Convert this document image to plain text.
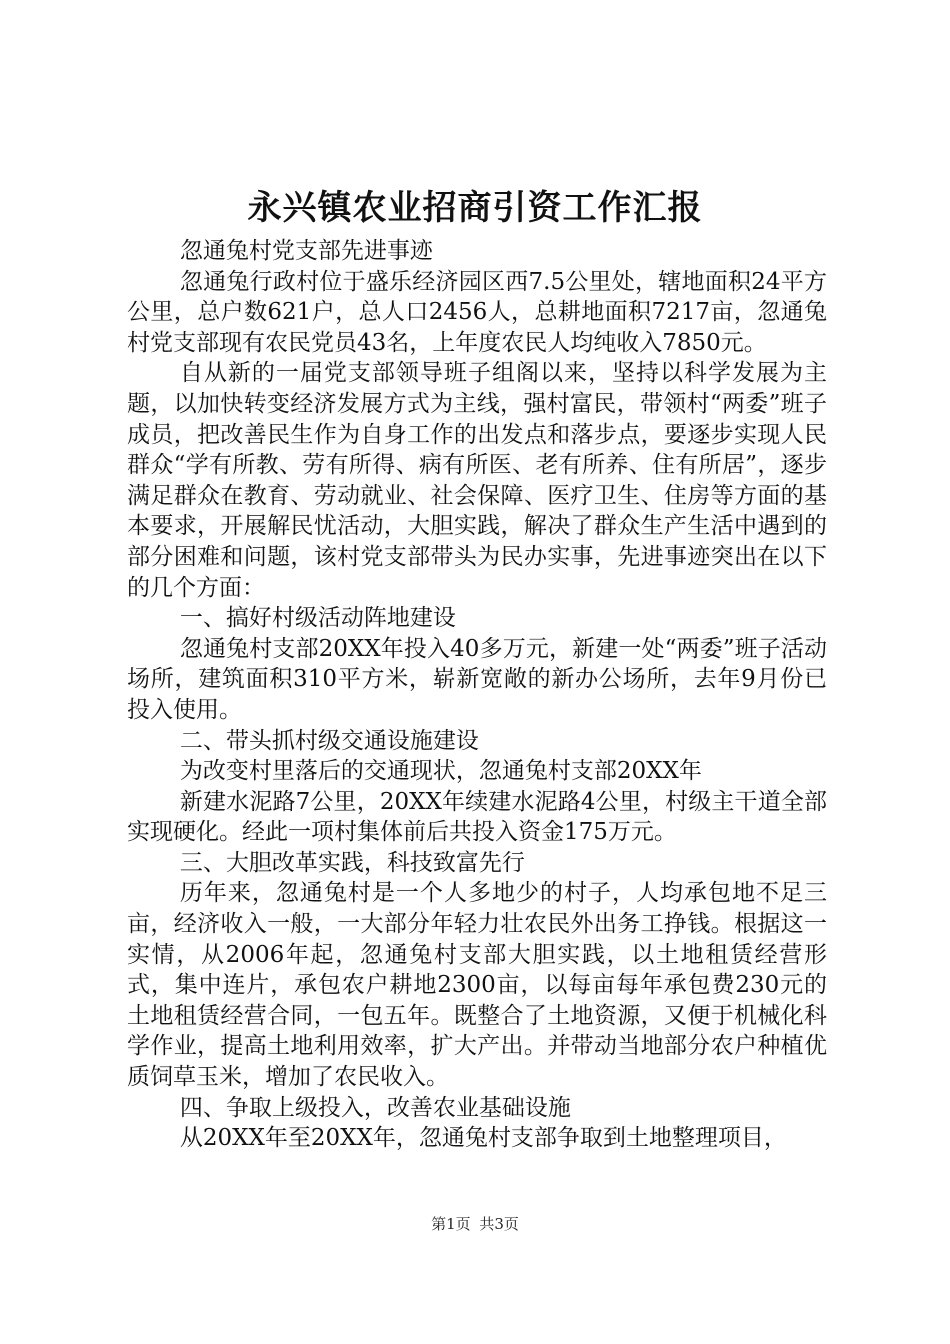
永兴镇农业招商引资工作汇报

忽通兔村党支部先进事迹

忽通兔行政村位于盛乐经济园区西7.5公里处，辖地面积24平方公里，总户数621户，总人口2456人，总耕地面积7217亩，忽通兔村党支部现有农民党员43名，上年度农民人均纯收入7850元。

自从新的一届党支部领导班子组阁以来，坚持以科学发展为主题，以加快转变经济发展方式为主线，强村富民，带领村“两委”班子成员，把改善民生作为自身工作的出发点和落步点，要逐步实现人民群众“学有所教、劳有所得、病有所医、老有所养、住有所居”，逐步满足群众在教育、劳动就业、社会保障、医疗卫生、住房等方面的基本要求，开展解民忧活动，大胆实践，解决了群众生产生活中遇到的部分困难和问题，该村党支部带头为民办实事，先进事迹突出在以下的几个方面：

一、搞好村级活动阵地建设

忽通兔村支部20XX年投入40多万元，新建一处“两委”班子活动场所，建筑面积310平方米，崭新宽敞的新办公场所，去年9月份已投入使用。

二、带头抓村级交通设施建设

为改变村里落后的交通现状，忽通兔村支部20XX年

新建水泥路7公里，20XX年续建水泥路4公里，村级主干道全部实现硬化。经此一项村集体前后共投入资金175万元。

三、大胆改革实践，科技致富先行

历年来，忽通兔村是一个人多地少的村子，人均承包地不足三亩，经济收入一般，一大部分年轻力壮农民外出务工挣钱。根据这一实情，从2006年起，忽通兔村支部大胆实践，以土地租赁经营形式，集中连片，承包农户耕地2300亩，以每亩每年承包费230元的土地租赁经营合同，一包五年。既整合了土地资源，又便于机械化科学作业，提高土地利用效率，扩大产出。并带动当地部分农户种植优质饲草玉米，增加了农民收入。

四、争取上级投入，改善农业基础设施

从20XX年至20XX年，忽通兔村支部争取到土地整理项目，

第1页 共3页
